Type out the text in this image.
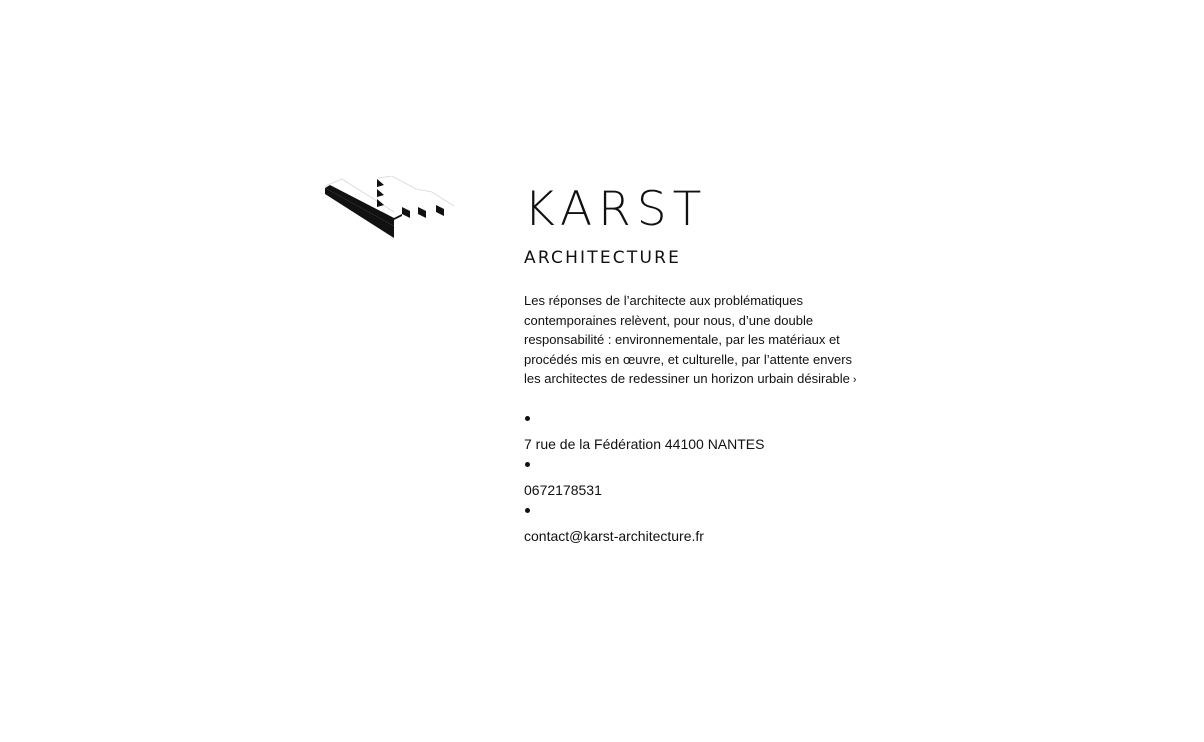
KARST
ARCHITECTURE

Les réponses de l’architecte aux problématiques contemporaines relèvent, pour nous, d’une double responsabilité : environnementale, par les matériaux et procédés mis en œuvre, et culturelle, par l’attente envers les architectes de redessiner un horizon urbain désirable ›

7 rue de la Fédération 44100 NANTES
0672178531
contact@karst-architecture.fr
